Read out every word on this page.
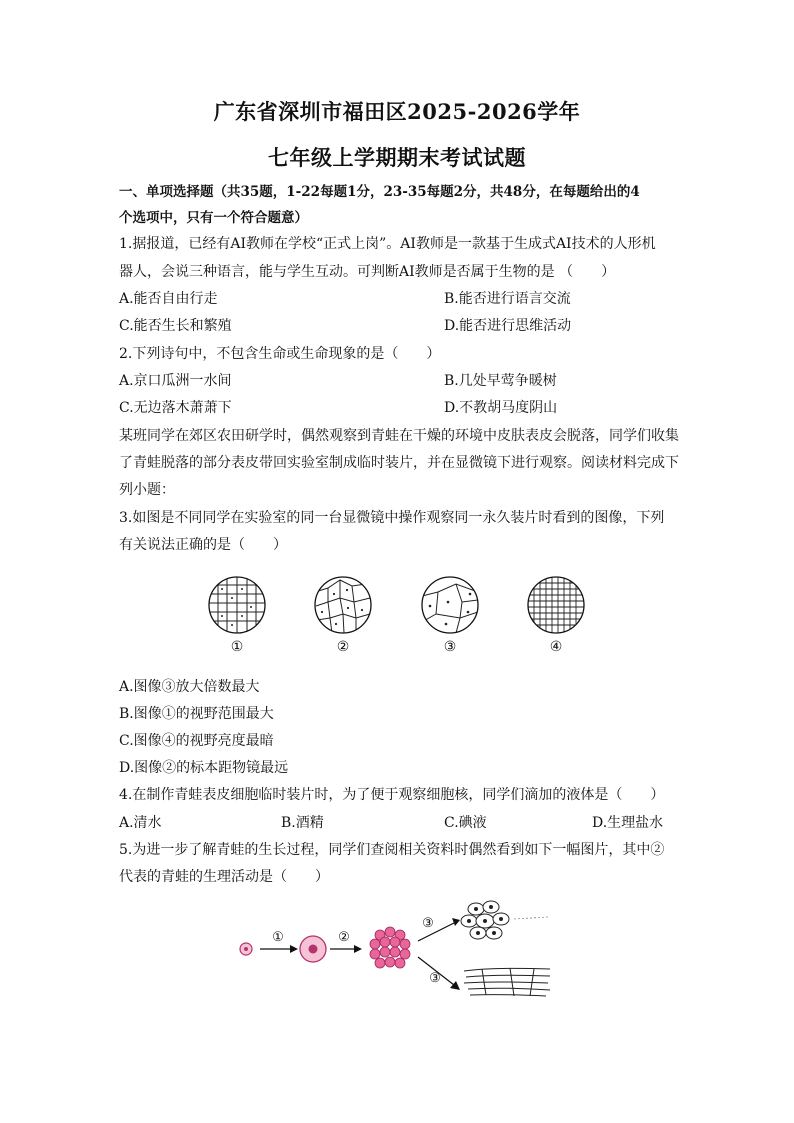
广东省深圳市福田区2025-2026学年
七年级上学期期末考试试题
一、单项选择题（共35题，1-22每题1分，23-35每题2分，共48分，在每题给出的4
个选项中，只有一个符合题意）
1.据报道，已经有AI教师在学校“正式上岗”。AI教师是一款基于生成式AI技术的人形机
器人，会说三种语言，能与学生互动。可判断AI教师是否属于生物的是 （　　）
A.能否自由行走	B.能否进行语言交流
C.能否生长和繁殖	D.能否进行思维活动
2.下列诗句中，不包含生命或生命现象的是（　　）
A.京口瓜洲一水间	B.几处早莺争暖树
C.无边落木萧萧下	D.不教胡马度阴山
某班同学在郊区农田研学时，偶然观察到青蛙在干燥的环境中皮肤表皮会脱落，同学们收集
了青蛙脱落的部分表皮带回实验室制成临时装片，并在显微镜下进行观察。阅读材料完成下
列小题：
3.如图是不同同学在实验室的同一台显微镜中操作观察同一永久装片时看到的图像，下列
有关说法正确的是（　　）
①	②	③	④
A.图像③放大倍数最大
B.图像①的视野范围最大
C.图像④的视野亮度最暗
D.图像②的标本距物镜最远
4.在制作青蛙表皮细胞临时装片时，为了便于观察细胞核，同学们滴加的液体是（　　）
A.清水	B.酒精	C.碘液	D.生理盐水
5.为进一步了解青蛙的生长过程，同学们查阅相关资料时偶然看到如下一幅图片，其中②
代表的青蛙的生理活动是（　　）
①	②
③
③
